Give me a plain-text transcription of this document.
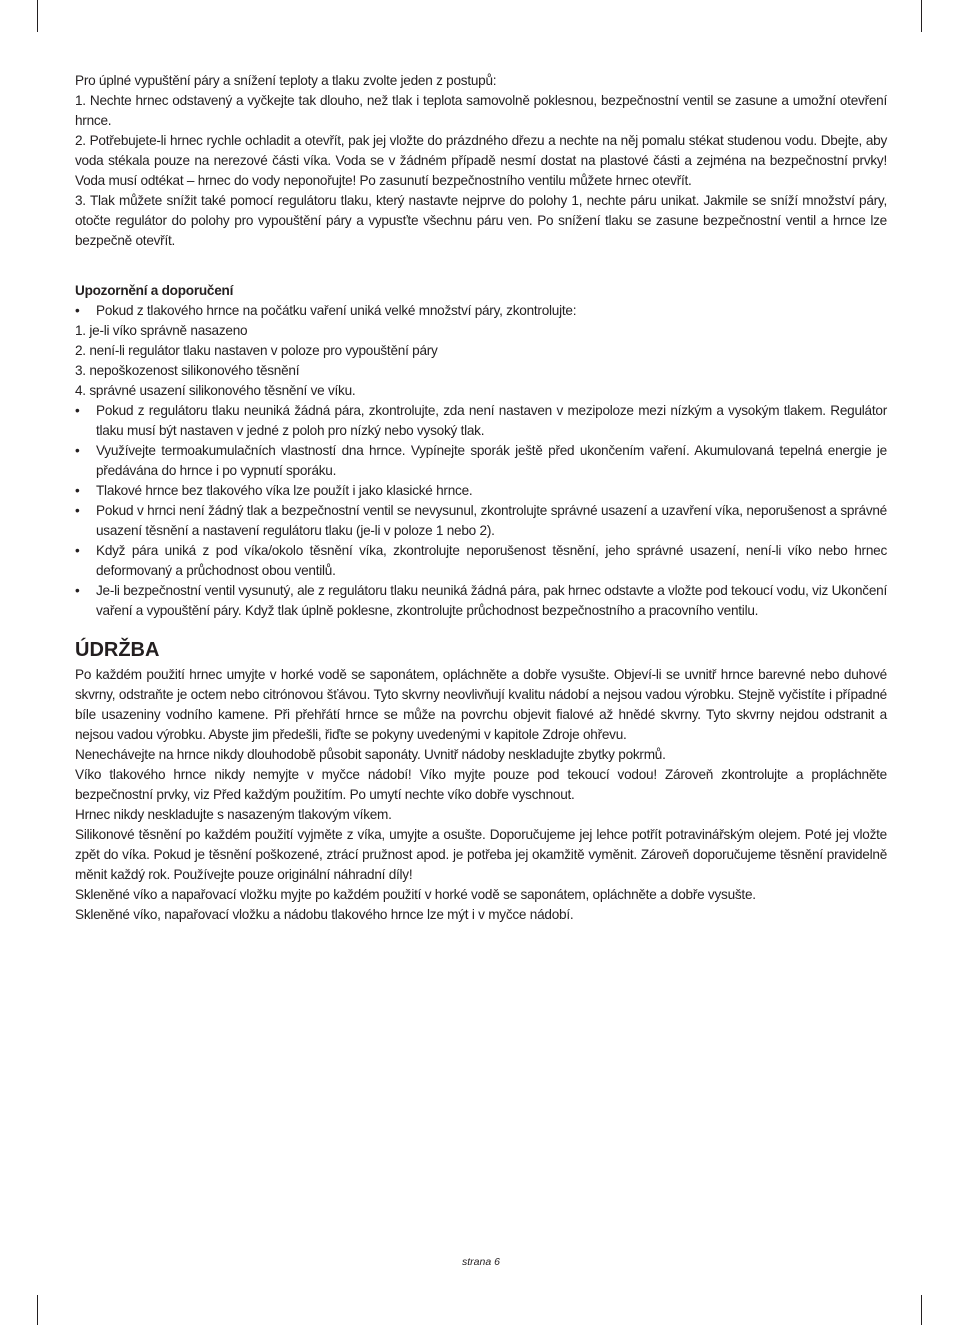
Pro úplné vypuštění páry a snížení teploty a tlaku zvolte jeden z postupů:

1. Nechte hrnec odstavený a vyčkejte tak dlouho, než tlak i teplota samovolně poklesnou, bezpečnostní ventil se zasune a umožní otevření hrnce.

2. Potřebujete-li hrnec rychle ochladit a otevřít, pak jej vložte do prázdného dřezu a nechte na něj pomalu stékat studenou vodu. Dbejte, aby voda stékala pouze na nerezové části víka. Voda se v žádném případě nesmí dostat na plastové části a zejména na bezpečnostní prvky! Voda musí odtékat – hrnec do vody neponořujte! Po zasunutí bezpečnostního ventilu můžete hrnec otevřít.

3. Tlak můžete snížit také pomocí regulátoru tlaku, který nastavte nejprve do polohy 1, nechte páru unikat. Jakmile se sníží množství páry, otočte regulátor do polohy pro vypouštění páry a vypusťte všechnu páru ven. Po snížení tlaku se zasune bezpečnostní ventil a hrnce lze bezpečně otevřít.

Upozornění a doporučení

•	Pokud z tlakového hrnce na počátku vaření uniká velké množství páry, zkontrolujte:

1. je-li víko správně nasazeno

2. není-li regulátor tlaku nastaven v poloze pro vypouštění páry

3. nepoškozenost silikonového těsnění

4. správné usazení silikonového těsnění ve víku.

•	Pokud z regulátoru tlaku neuniká žádná pára, zkontrolujte, zda není nastaven v mezipoloze mezi nízkým a vysokým tlakem. Regulátor tlaku musí být nastaven v jedné z poloh pro nízký nebo vysoký tlak.
•	Využívejte termoakumulačních vlastností dna hrnce. Vypínejte sporák ještě před ukončením vaření. Akumulovaná tepelná energie je předávána do hrnce i po vypnutí sporáku.
•	Tlakové hrnce bez tlakového víka lze použít i jako klasické hrnce.
•	Pokud v hrnci není žádný tlak a bezpečnostní ventil se nevysunul, zkontrolujte správné usazení a uzavření víka, neporušenost a správné usazení těsnění a nastavení regulátoru tlaku (je-li v poloze 1 nebo 2).
•	Když pára uniká z pod víka/okolo těsnění víka, zkontrolujte neporušenost těsnění, jeho správné usazení, není-li víko nebo hrnec deformovaný a průchodnost obou ventilů.
•	Je-li bezpečnostní ventil vysunutý, ale z regulátoru tlaku neuniká žádná pára, pak hrnec odstavte a vložte pod tekoucí vodu, viz Ukončení vaření a vypouštění páry. Když tlak úplně poklesne, zkontrolujte průchodnost bezpečnostního a pracovního ventilu.

ÚDRŽBA

Po každém použití hrnec umyjte v horké vodě se saponátem, opláchněte a dobře vysušte. Objeví-li se uvnitř hrnce barevné nebo duhové skvrny, odstraňte je octem nebo citrónovou šťávou. Tyto skvrny neovlivňují kvalitu nádobí a nejsou vadou výrobku. Stejně vyčistíte i případné bíle usazeniny vodního kamene. Při přehřátí hrnce se může na povrchu objevit fialové až hnědé skvrny. Tyto skvrny nejdou odstranit a nejsou vadou výrobku. Abyste jim předešli, řiďte se pokyny uvedenými v kapitole Zdroje ohřevu.

Nenechávejte na hrnce nikdy dlouhodobě působit saponáty. Uvnitř nádoby neskladujte zbytky pokrmů.

Víko tlakového hrnce nikdy nemyjte v myčce nádobí! Víko myjte pouze pod tekoucí vodou! Zároveň zkontrolujte a propláchněte bezpečnostní prvky, viz Před každým použitím. Po umytí nechte víko dobře vyschnout.

Hrnec nikdy neskladujte s nasazeným tlakovým víkem.

Silikonové těsnění po každém použití vyjměte z víka, umyjte a osušte. Doporučujeme jej lehce potřít potravinářským olejem. Poté jej vložte zpět do víka. Pokud je těsnění poškozené, ztrácí pružnost apod. je potřeba jej okamžitě vyměnit. Zároveň doporučujeme těsnění pravidelně měnit každý rok. Používejte pouze originální náhradní díly!

Skleněné víko a napařovací vložku myjte po každém použití v horké vodě se saponátem, opláchněte a dobře vysušte.

Skleněné víko, napařovací vložku a nádobu tlakového hrnce lze mýt i v myčce nádobí.

strana 6
